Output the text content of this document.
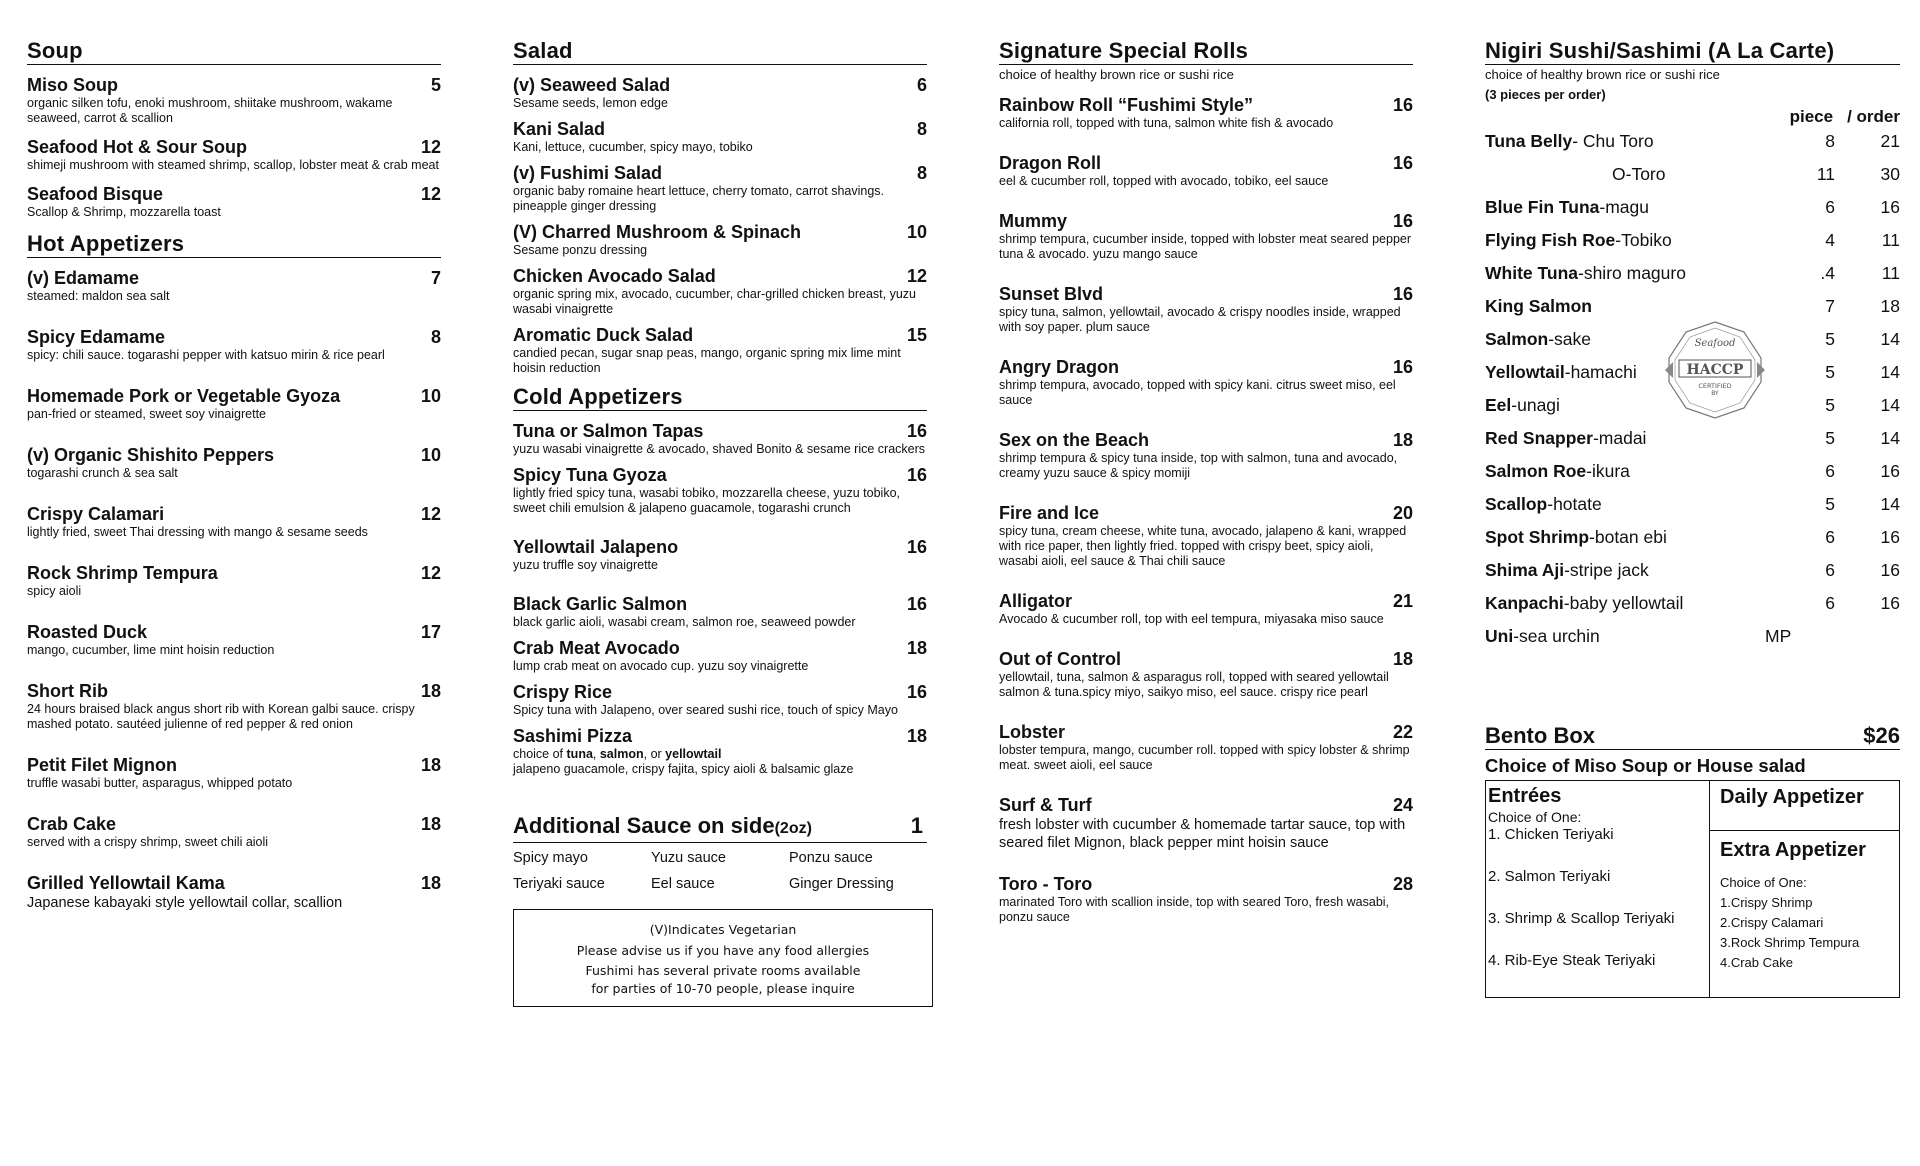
Soup
Miso Soup	5
organic silken tofu, enoki mushroom, shiitake mushroom, wakame seaweed, carrot & scallion
Seafood Hot & Sour Soup	12
shimeji mushroom with steamed shrimp, scallop, lobster meat & crab meat
Seafood Bisque	12
Scallop & Shrimp, mozzarella toast
Hot Appetizers
(v) Edamame	7
steamed: maldon sea salt
Spicy Edamame	8
spicy: chili sauce. togarashi pepper with katsuo mirin & rice pearl
Homemade Pork or Vegetable Gyoza	10
pan-fried or steamed, sweet soy vinaigrette
(v) Organic Shishito Peppers	10
togarashi crunch & sea salt
Crispy Calamari	12
lightly fried, sweet Thai dressing with mango & sesame seeds
Rock Shrimp Tempura	12
spicy aioli
Roasted Duck	17
mango, cucumber, lime mint hoisin reduction
Short Rib	18
24 hours braised black angus short rib with Korean galbi sauce. crispy mashed potato. sautéed julienne of red pepper & red onion
Petit Filet Mignon	18
truffle wasabi butter, asparagus, whipped potato
Crab Cake	18
served with a crispy shrimp, sweet chili aioli
Grilled Yellowtail Kama	18
Japanese kabayaki style yellowtail collar, scallion
Salad
(v) Seaweed Salad	6
Sesame seeds, lemon edge
Kani Salad	8
Kani, lettuce, cucumber, spicy mayo, tobiko
(v) Fushimi Salad	8
organic baby romaine heart lettuce, cherry tomato, carrot shavings. pineapple ginger dressing
(V) Charred Mushroom & Spinach	10
Sesame ponzu dressing
Chicken Avocado Salad	12
organic spring mix, avocado, cucumber, char-grilled chicken breast, yuzu wasabi vinaigrette
Aromatic Duck Salad	15
candied pecan, sugar snap peas, mango, organic spring mix lime mint hoisin reduction
Cold Appetizers
Tuna or Salmon Tapas	16
yuzu wasabi vinaigrette & avocado, shaved Bonito & sesame rice crackers
Spicy Tuna Gyoza	16
lightly fried spicy tuna, wasabi tobiko, mozzarella cheese, yuzu tobiko, sweet chili emulsion & jalapeno guacamole, togarashi crunch
Yellowtail Jalapeno	16
yuzu truffle soy vinaigrette
Black Garlic Salmon	16
black garlic aioli, wasabi cream, salmon roe, seaweed powder
Crab Meat Avocado	18
lump crab meat on avocado cup. yuzu soy vinaigrette
Crispy Rice	16
Spicy tuna with Jalapeno, over seared sushi rice, touch of spicy Mayo
Sashimi Pizza	18
choice of tuna, salmon, or yellowtail
jalapeno guacamole, crispy fajita, spicy aioli & balsamic glaze
Additional Sauce on side(2oz)	1
Spicy mayo	Yuzu sauce	Ponzu sauce
Teriyaki sauce	Eel sauce	Ginger Dressing
(V)Indicates Vegetarian
Please advise us if you have any food allergies
Fushimi has several private rooms available
for parties of 10-70 people, please inquire
Signature Special Rolls
choice of healthy brown rice or sushi rice
Rainbow Roll “Fushimi Style”	16
california roll, topped with tuna, salmon white fish & avocado
Dragon Roll	16
eel & cucumber roll, topped with avocado, tobiko, eel sauce
Mummy	16
shrimp tempura, cucumber inside, topped with lobster meat seared pepper tuna & avocado. yuzu mango sauce
Sunset Blvd	16
spicy tuna, salmon, yellowtail, avocado & crispy noodles inside, wrapped with soy paper. plum sauce
Angry Dragon	16
shrimp tempura, avocado, topped with spicy kani. citrus sweet miso, eel sauce
Sex on the Beach	18
shrimp tempura & spicy tuna inside, top with salmon, tuna and avocado, creamy yuzu sauce & spicy momiji
Fire and Ice	20
spicy tuna, cream cheese, white tuna, avocado, jalapeno & kani, wrapped with rice paper, then lightly fried. topped with crispy beet, spicy aioli, wasabi aioli, eel sauce & Thai chili sauce
Alligator	21
Avocado & cucumber roll, top with eel tempura, miyasaka miso sauce
Out of Control	18
yellowtail, tuna, salmon & asparagus roll, topped with seared yellowtail salmon & tuna.spicy miyo, saikyo miso, eel sauce. crispy rice pearl
Lobster	22
lobster tempura, mango, cucumber roll. topped with spicy lobster & shrimp meat. sweet aioli, eel sauce
Surf & Turf	24
fresh lobster with cucumber & homemade tartar sauce, top with seared filet Mignon, black pepper mint hoisin sauce
Toro - Toro	28
marinated Toro with scallion inside, top with seared Toro, fresh wasabi, ponzu sauce
Nigiri Sushi/Sashimi (A La Carte)
choice of healthy brown rice or sushi rice
(3 pieces per order)
piece / order
Tuna Belly- Chu Toro	8	21
O-Toro	11	30
Blue Fin Tuna-magu	6	16
Flying Fish Roe-Tobiko	4	11
White Tuna-shiro maguro	.4	11
King Salmon	7	18
Salmon-sake	5	14
Yellowtail-hamachi	5	14
Eel-unagi	5	14
Red Snapper-madai	5	14
Salmon Roe-ikura	6	16
Scallop-hotate	5	14
Spot Shrimp-botan ebi	6	16
Shima Aji-stripe jack	6	16
Kanpachi-baby yellowtail	6	16
Uni-sea urchin	MP
Bento Box	$26
Choice of Miso Soup or House salad
Entrées
Choice of One:
1. Chicken Teriyaki
2. Salmon Teriyaki
3. Shrimp & Scallop Teriyaki
4. Rib-Eye Steak Teriyaki
Daily Appetizer
Extra Appetizer
Choice of One:
1.Crispy Shrimp
2.Crispy Calamari
3.Rock Shrimp Tempura
4.Crab Cake
Seafood
HACCP
CERTIFIED
BY
